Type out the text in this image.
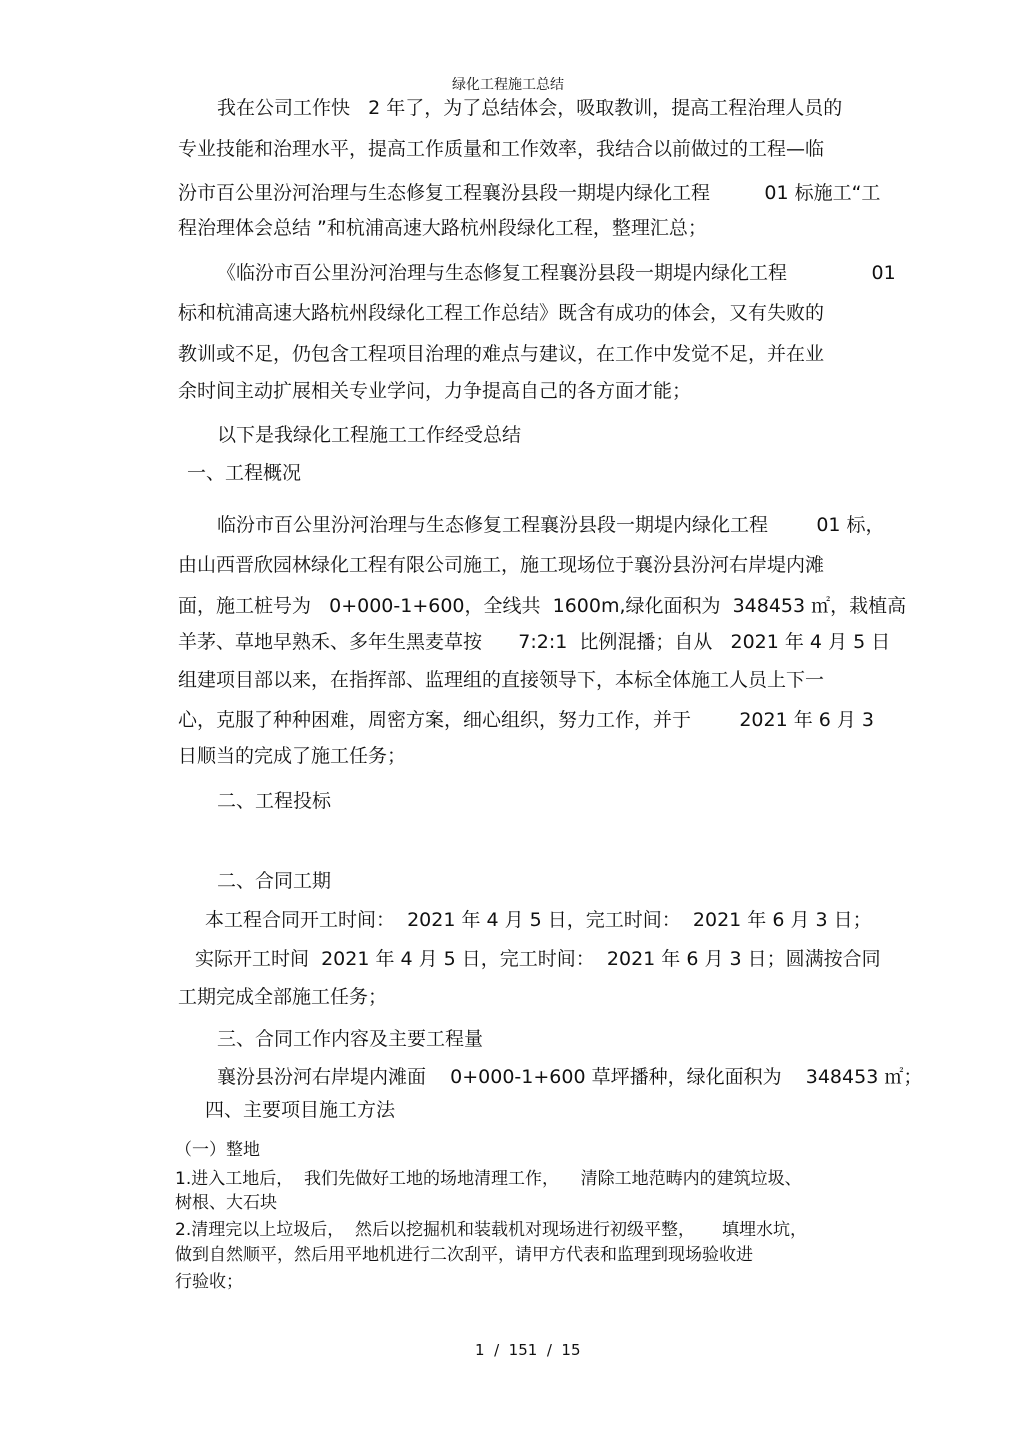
绿化工程施工总结
我在公司工作快   2 年了，为了总结体会，吸取教训，提高工程治理人员的
专业技能和治理水平，提高工作质量和工作效率，我结合以前做过的工程—临
汾市百公里汾河治理与生态修复工程襄汾县段一期堤内绿化工程         01 标施工“工
程治理体会总结 ”和杭浦高速大路杭州段绿化工程，整理汇总；
《临汾市百公里汾河治理与生态修复工程襄汾县段一期堤内绿化工程              01
标和杭浦高速大路杭州段绿化工程工作总结》既含有成功的体会，又有失败的
教训或不足，仍包含工程项目治理的难点与建议，在工作中发觉不足，并在业
余时间主动扩展相关专业学问，力争提高自己的各方面才能；
以下是我绿化工程施工工作经受总结
一、工程概况
临汾市百公里汾河治理与生态修复工程襄汾县段一期堤内绿化工程        01 标，
由山西晋欣园林绿化工程有限公司施工，施工现场位于襄汾县汾河右岸堤内滩
面，施工桩号为   0+000-1+600，全线共  1600m,绿化面积为  348453 ㎡，栽植高
羊茅、草地早熟禾、多年生黑麦草按      7:2:1  比例混播；自从   2021 年 4 月 5 日
组建项目部以来，在指挥部、监理组的直接领导下，本标全体施工人员上下一
心，克服了种种困难，周密方案，细心组织，努力工作，并于        2021 年 6 月 3
日顺当的完成了施工任务；
二、工程投标
二、合同工期
本工程合同开工时间：  2021 年 4 月 5 日，完工时间：  2021 年 6 月 3 日；
实际开工时间  2021 年 4 月 5 日，完工时间：  2021 年 6 月 3 日；圆满按合同
工期完成全部施工任务；
三、合同工作内容及主要工程量
襄汾县汾河右岸堤内滩面    0+000-1+600 草坪播种，绿化面积为    348453 ㎡；
四、主要项目施工方法
（一）整地
1.进入工地后，  我们先做好工地的场地清理工作，    清除工地范畴内的建筑垃圾、
树根、大石块
2.清理完以上垃圾后，  然后以挖掘机和装载机对现场进行初级平整，     填埋水坑，
做到自然顺平，然后用平地机进行二次刮平，请甲方代表和监理到现场验收进
行验收；
1  /  151  /  15
